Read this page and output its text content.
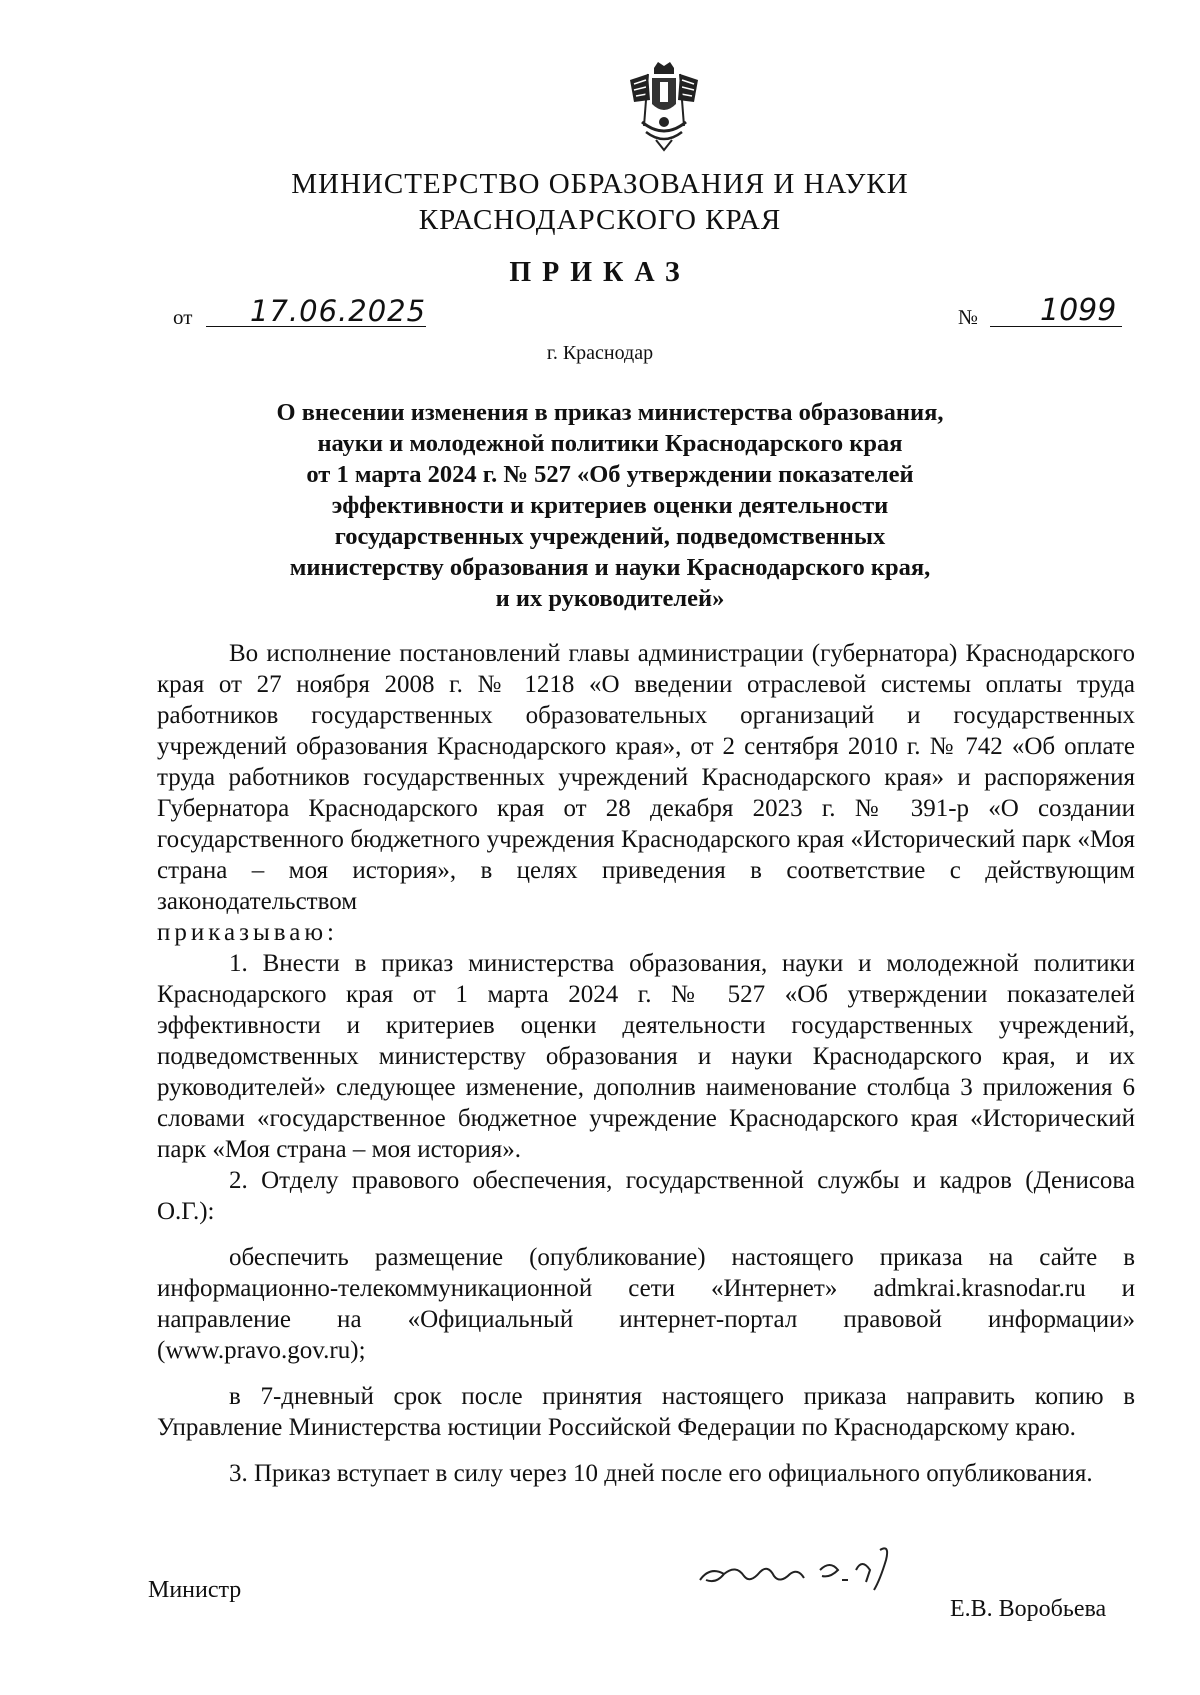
МИНИСТЕРСТВО ОБРАЗОВАНИЯ И НАУКИ
КРАСНОДАРСКОГО КРАЯ
ПРИКАЗ
от 17.06.2025	№ 1099
г. Краснодар
О внесении изменения в приказ министерства образования,
науки и молодежной политики Краснодарского края
от 1 марта 2024 г. № 527 «Об утверждении показателей
эффективности и критериев оценки деятельности
государственных учреждений, подведомственных
министерству образования и науки Краснодарского края,
и их руководителей»

Во исполнение постановлений главы администрации (губернатора) Краснодарского края от 27 ноября 2008 г. № 1218 «О введении отраслевой системы оплаты труда работников государственных образовательных организаций и государственных учреждений образования Краснодарского края», от 2 сентября 2010 г. № 742 «Об оплате труда работников государственных учреждений Краснодарского края» и распоряжения Губернатора Краснодарского края от 28 декабря 2023 г. № 391-р «О создании государственного бюджетного учреждения Краснодарского края «Исторический парк «Моя страна – моя история», в целях приведения в соответствие с действующим законодательством

приказываю:

1. Внести в приказ министерства образования, науки и молодежной политики Краснодарского края от 1 марта 2024 г. № 527 «Об утверждении показателей эффективности и критериев оценки деятельности государственных учреждений, подведомственных министерству образования и науки Краснодарского края, и их руководителей» следующее изменение, дополнив наименование столбца 3 приложения 6 словами «государственное бюджетное учреждение Краснодарского края «Исторический парк «Моя страна – моя история».

2. Отделу правового обеспечения, государственной службы и кадров (Денисова О.Г.):

обеспечить размещение (опубликование) настоящего приказа на сайте в информационно-телекоммуникационной сети «Интернет» admkrai.krasnodar.ru и направление на «Официальный интернет-портал правовой информации» (www.pravo.gov.ru);

в 7-дневный срок после принятия настоящего приказа направить копию в Управление Министерства юстиции Российской Федерации по Краснодарскому краю.

3. Приказ вступает в силу через 10 дней после его официального опубликования.

Министр
Е.В. Воробьева
